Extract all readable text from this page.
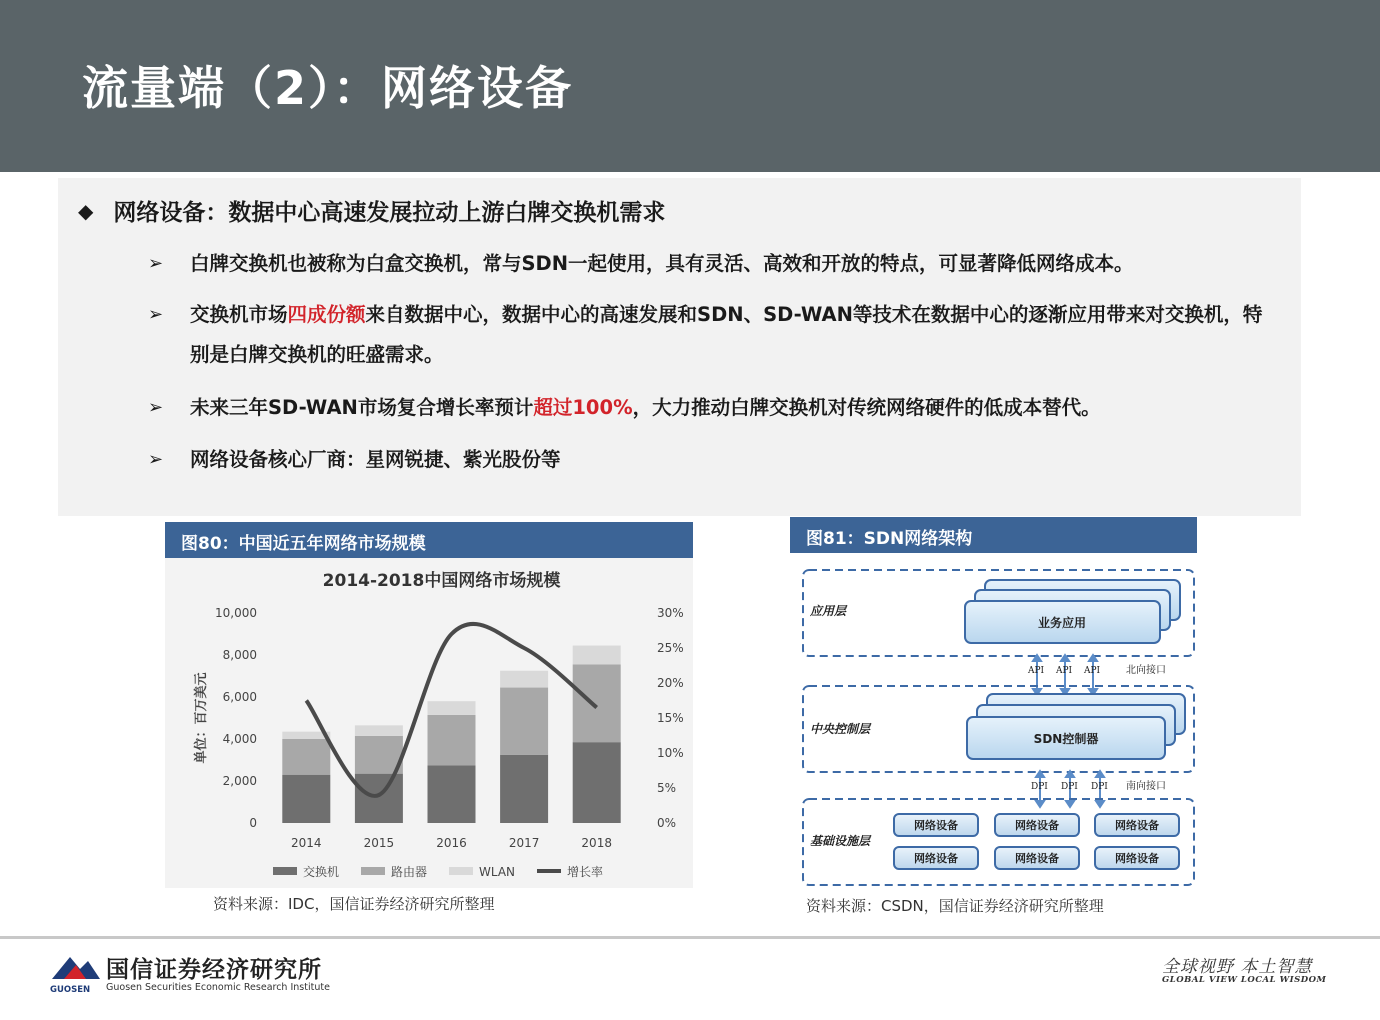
流量端（2）：网络设备
◆ 网络设备：数据中心高速发展拉动上游白牌交换机需求
➢	白牌交换机也被称为白盒交换机，常与SDN一起使用，具有灵活、高效和开放的特点，可显著降低网络成本。
➢	交换机市场四成份额来自数据中心，数据中心的高速发展和SDN、SD-WAN等技术在数据中心的逐渐应用带来对交换机，特别是白牌交换机的旺盛需求。
➢	未来三年SD-WAN市场复合增长率预计超过100%，大力推动白牌交换机对传统网络硬件的低成本替代。
➢	网络设备核心厂商：星网锐捷、紫光股份等
图80：中国近五年网络市场规模
2014-2018中国网络市场规模
单位：百万美元
10,000
8,000
6,000
4,000
2,000
0
30%
25%
20%
15%
10%
5%
0%
2014	2015	2016	2017	2018
交换机	路由器	WLAN	增长率
资料来源：IDC，国信证券经济研究所整理
图81：SDN网络架构
应用层
业务应用
API API API	北向接口
中央控制层
SDN控制器
DPI DPI DPI 南向接口
基础设施层
网络设备	网络设备	网络设备
网络设备	网络设备	网络设备
资料来源：CSDN，国信证券经济研究所整理
GUOSEN
国信证券经济研究所
Guosen Securities Economic Research Institute
全球视野 本土智慧
GLOBAL VIEW LOCAL WISDOM
